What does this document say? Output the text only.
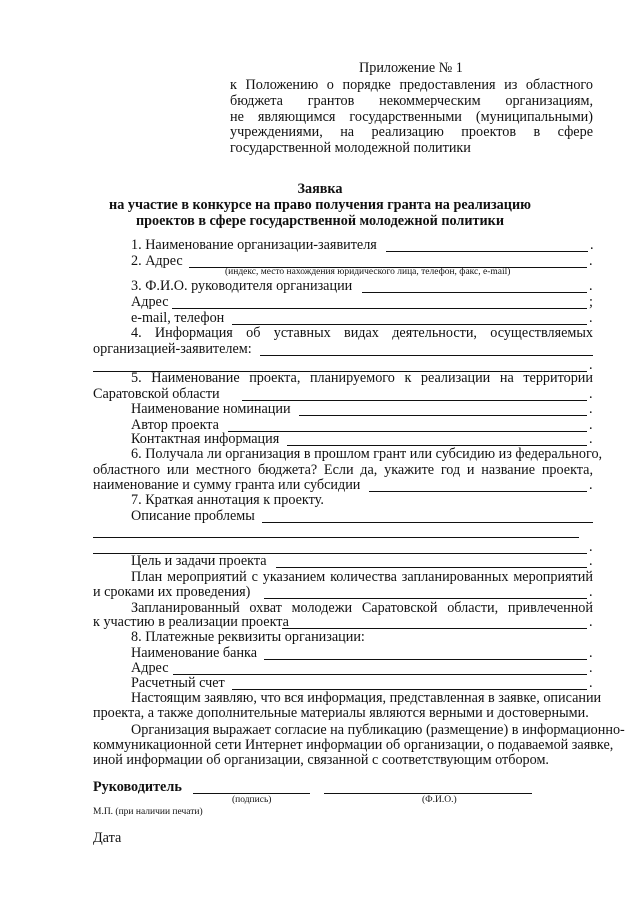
Приложение № 1
к Положению о порядке предоставления из областного
бюджета грантов некоммерческим организациям,
не являющимся государственными (муниципальными)
учреждениями, на реализацию проектов в сфере
государственной молодежной политики
Заявка
на участие в конкурсе на право получения гранта на реализацию
проектов в сфере государственной молодежной политики
1. Наименование организации-заявителя	.
2. Адрес	.
(индекс, место нахождения юридического лица, телефон, факс, e-mail)
3. Ф.И.О. руководителя организации	.
Адрес	;
e-mail, телефон	.
4. Информация об уставных видах деятельности, осуществляемых
организацией-заявителем:
.
5. Наименование проекта, планируемого к реализации на территории
Саратовской области	.
Наименование номинации	.
Автор проекта	.
Контактная информация	.
6. Получала ли организация в прошлом грант или субсидию из федерального,
областного или местного бюджета? Если да, укажите год и название проекта,
наименование и сумму гранта или субсидии	.
7. Краткая аннотация к проекту.
Описание проблемы
.
Цель и задачи проекта	.
План мероприятий с указанием количества запланированных мероприятий
и сроками их проведения)	.
Запланированный охват молодежи Саратовской области, привлеченной
к участию в реализации проекта	.
8. Платежные реквизиты организации:
Наименование банка	.
Адрес	.
Расчетный счет	.
Настоящим заявляю, что вся информация, представленная в заявке, описании
проекта, а также дополнительные материалы являются верными и достоверными.
Организация выражает согласие на публикацию (размещение) в информационно-
коммуникационной сети Интернет информации об организации, о подаваемой заявке,
иной информации об организации, связанной с соответствующим отбором.
Руководитель
(подпись)	(Ф.И.О.)
М.П. (при наличии печати)
Дата
